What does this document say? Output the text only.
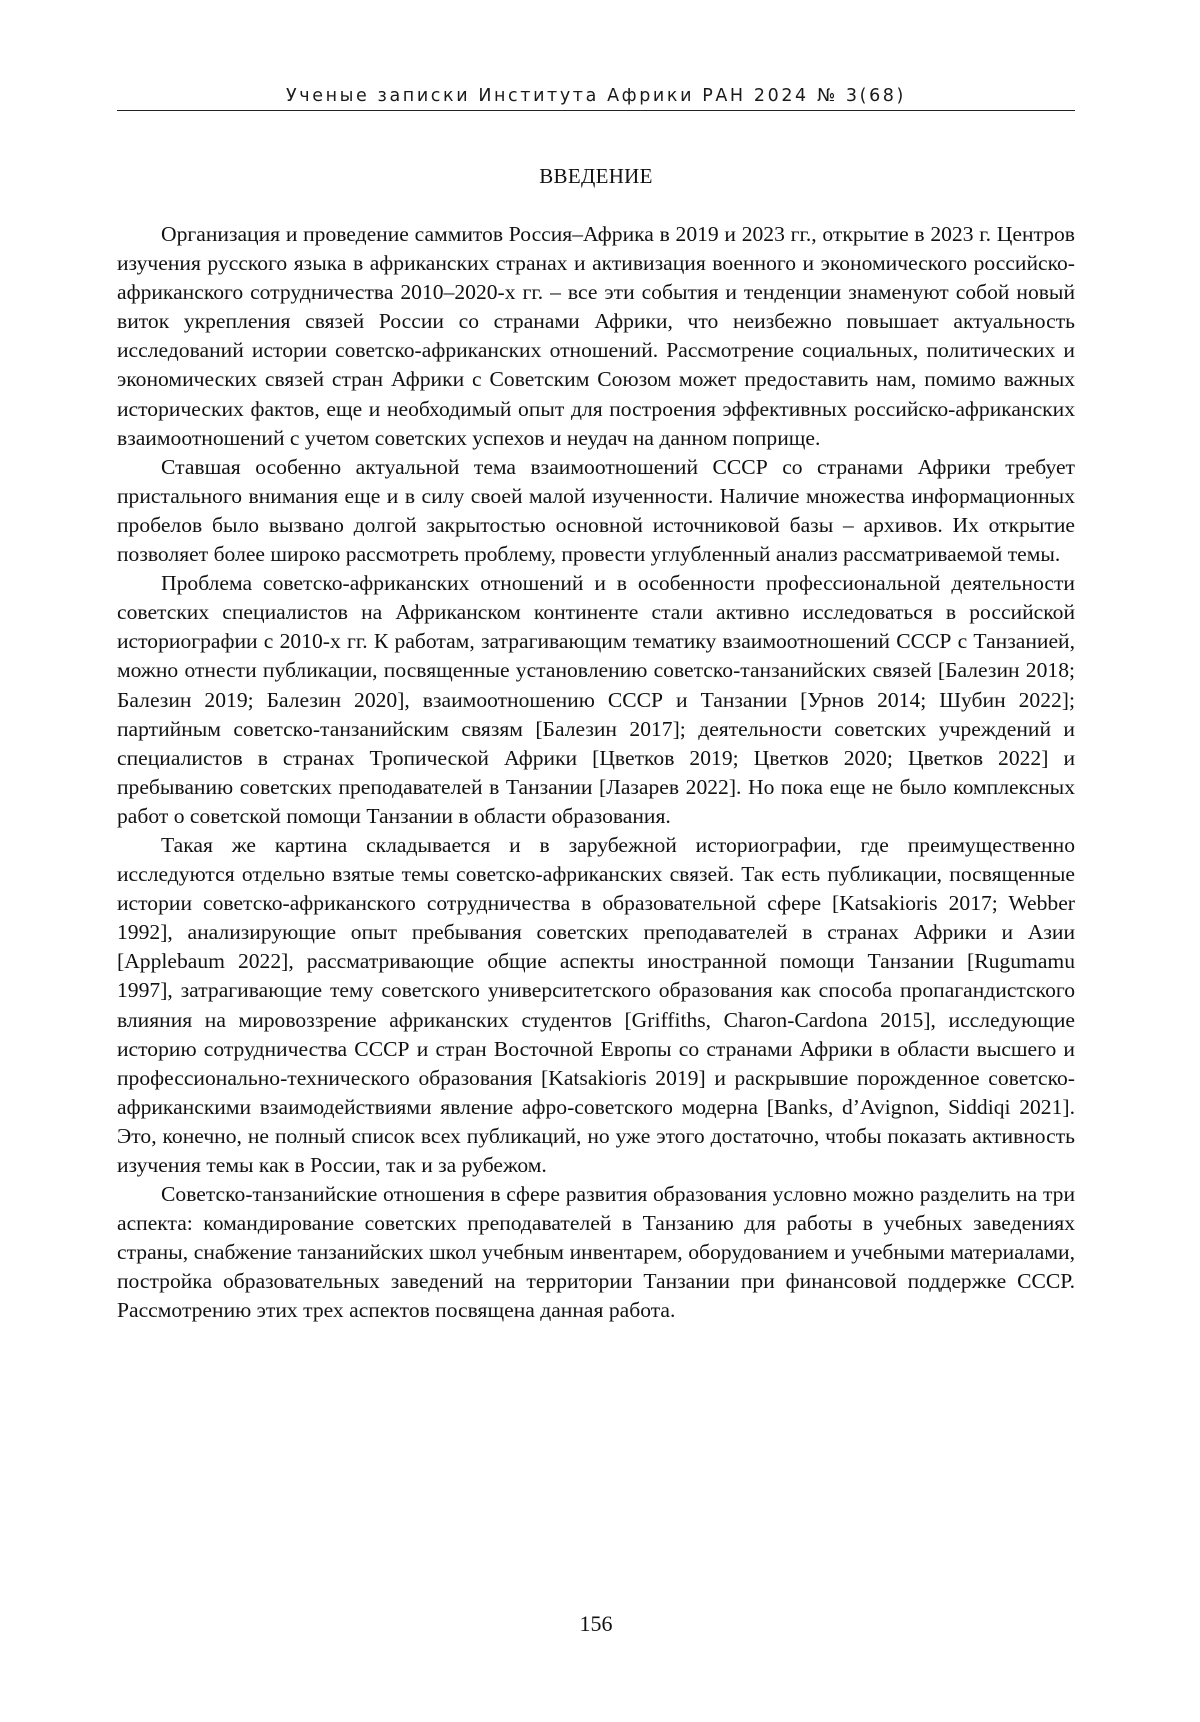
Ученые записки Института Африки РАН 2024 № 3(68)
ВВЕДЕНИЕ

Организация и проведение саммитов Россия–Африка в 2019 и 2023 гг., открытие в 2023 г. Центров изучения русского языка в африканских странах и активизация военного и экономического российско-африканского сотрудничества 2010–2020-х гг. – все эти события и тенденции знаменуют собой новый виток укрепления связей России со странами Африки, что неизбежно повышает актуальность исследований истории советско-африканских отношений. Рассмотрение социальных, политических и экономических связей стран Африки с Советским Союзом может предоставить нам, помимо важных исторических фактов, еще и необходимый опыт для построения эффективных российско-африканских взаимоотношений с учетом советских успехов и неудач на данном поприще.

Ставшая особенно актуальной тема взаимоотношений СССР со странами Африки требует пристального внимания еще и в силу своей малой изученности. Наличие множества информационных пробелов было вызвано долгой закрытостью основной источниковой базы – архивов. Их открытие позволяет более широко рассмотреть проблему, провести углубленный анализ рассматриваемой темы.

Проблема советско-африканских отношений и в особенности профессиональной деятельности советских специалистов на Африканском континенте стали активно исследоваться в российской историографии с 2010-х гг. К работам, затрагивающим тематику взаимоотношений СССР с Танзанией, можно отнести публикации, посвященные установлению советско-танзанийских связей [Балезин 2018; Балезин 2019; Балезин 2020], взаимоотношению СССР и Танзании [Урнов 2014; Шубин 2022]; партийным советско-танзанийским связям [Балезин 2017]; деятельности советских учреждений и специалистов в странах Тропической Африки [Цветков 2019; Цветков 2020; Цветков 2022] и пребыванию советских преподавателей в Танзании [Лазарев 2022]. Но пока еще не было комплексных работ о советской помощи Танзании в области образования.

Такая же картина складывается и в зарубежной историографии, где преимущественно исследуются отдельно взятые темы советско-африканских связей. Так есть публикации, посвященные истории советско-африканского сотрудничества в образовательной сфере [Katsakioris 2017; Webber 1992], анализирующие опыт пребывания советских преподавателей в странах Африки и Азии [Applebaum 2022], рассматривающие общие аспекты иностранной помощи Танзании [Rugumamu 1997], затрагивающие тему советского университетского образования как способа пропагандистского влияния на мировоззрение африканских студентов [Griffiths, Charon-Cardona 2015], исследующие историю сотрудничества СССР и стран Восточной Европы со странами Африки в области высшего и профессионально-технического образования [Katsakioris 2019] и раскрывшие порожденное советско-африканскими взаимодействиями явление афро-советского модерна [Banks, d’Avignon, Siddiqi 2021]. Это, конечно, не полный список всех публикаций, но уже этого достаточно, чтобы показать активность изучения темы как в России, так и за рубежом.

Советско-танзанийские отношения в сфере развития образования условно можно разделить на три аспекта: командирование советских преподавателей в Танзанию для работы в учебных заведениях страны, снабжение танзанийских школ учебным инвентарем, оборудованием и учебными материалами, постройка образовательных заведений на территории Танзании при финансовой поддержке СССР. Рассмотрению этих трех аспектов посвящена данная работа.

156
